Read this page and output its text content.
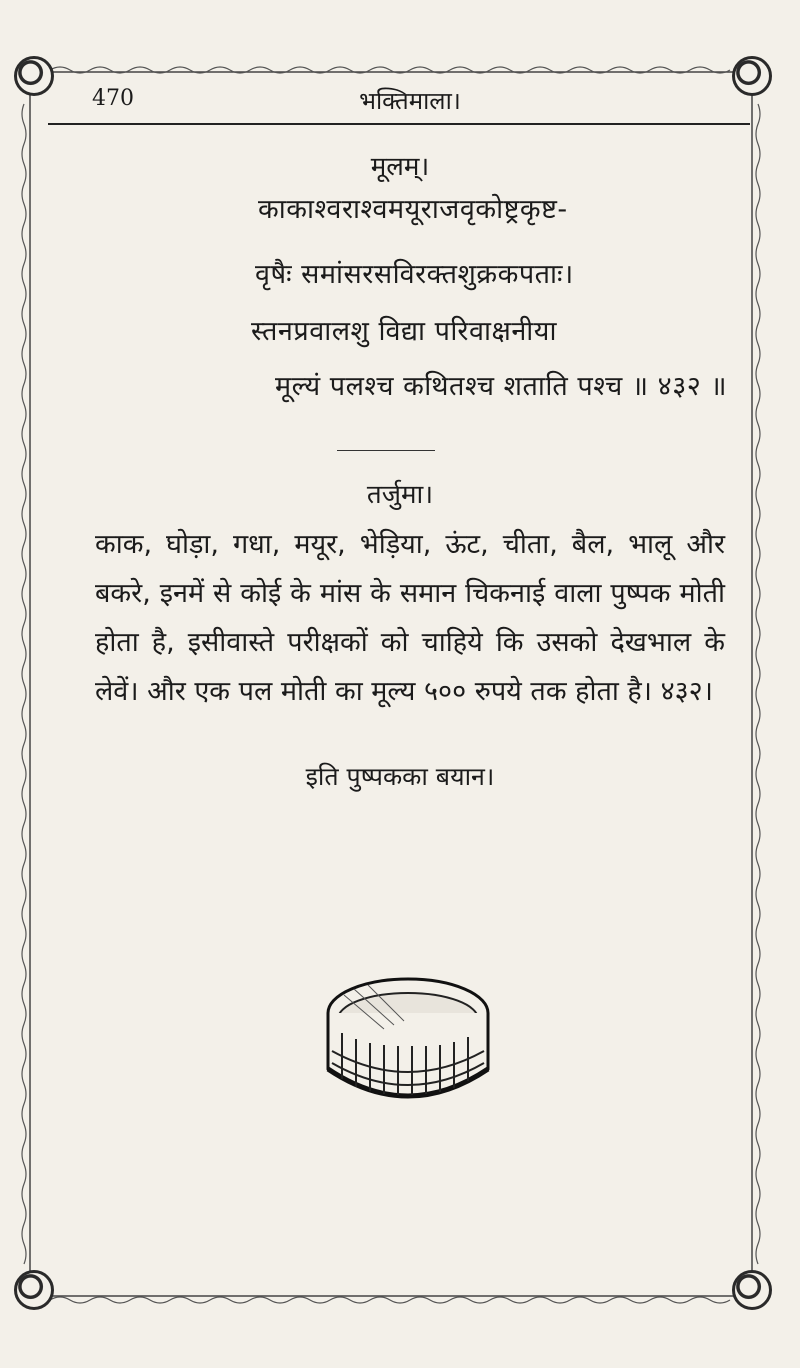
470	भक्तिमाला।
मूलम्।
काकाश्वराश्वमयूराजवृकोष्ट्रकृष्ट-
वृषैः समांसरसविरक्तशुक्रकपताः।
स्तनप्रवालशु विद्या परिवाक्षनीया
मूल्यं पलश्च कथितश्च शताति पश्च ॥ ४३२ ॥
तर्जुमा।
काक, घोड़ा, गधा, मयूर, भेड़िया, ऊंट, चीता, बैल, भालू और बकरे, इनमें से कोई के मांस के समान चिकनाई वाला पुष्पक मोती होता है, इसीवास्ते परीक्षकों को चाहिये कि उसको देखभाल के लेवें। और एक पल मोती का मूल्य ५०० रुपये तक होता है। ४३२।
इति पुष्पकका बयान।
